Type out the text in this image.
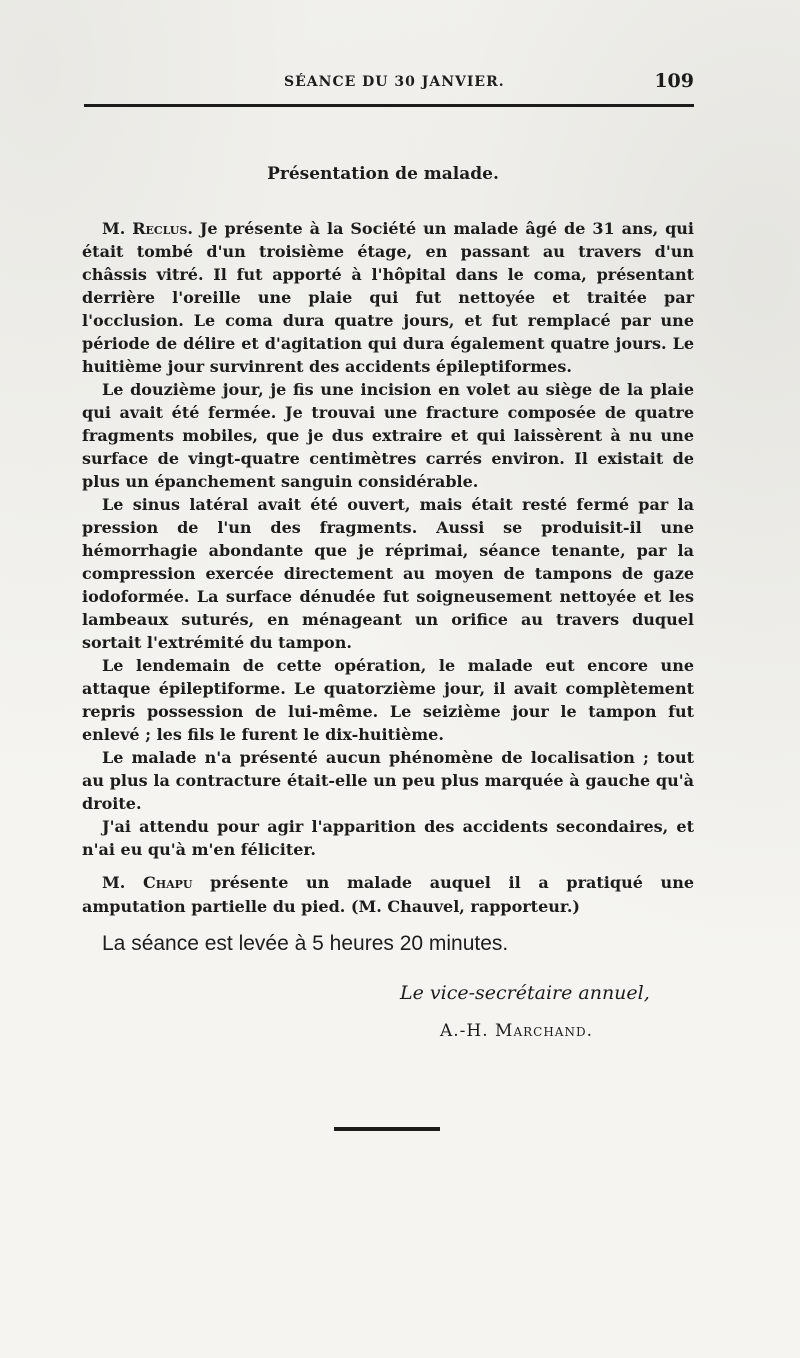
SÉANCE DU 30 JANVIER.	109
Présentation de malade.

M. Reclus. Je présente à la Société un malade âgé de 31 ans, qui était tombé d'un troisième étage, en passant au travers d'un châssis vitré. Il fut apporté à l'hôpital dans le coma, présentant derrière l'oreille une plaie qui fut nettoyée et traitée par l'occlusion. Le coma dura quatre jours, et fut remplacé par une période de délire et d'agitation qui dura également quatre jours. Le huitième jour survinrent des accidents épileptiformes.

Le douzième jour, je fis une incision en volet au siège de la plaie qui avait été fermée. Je trouvai une fracture composée de quatre fragments mobiles, que je dus extraire et qui laissèrent à nu une surface de vingt-quatre centimètres carrés environ. Il existait de plus un épanchement sanguin considérable.

Le sinus latéral avait été ouvert, mais était resté fermé par la pression de l'un des fragments. Aussi se produisit-il une hémorrhagie abondante que je réprimai, séance tenante, par la compression exercée directement au moyen de tampons de gaze iodoformée. La surface dénudée fut soigneusement nettoyée et les lambeaux suturés, en ménageant un orifice au travers duquel sortait l'extrémité du tampon.

Le lendemain de cette opération, le malade eut encore une attaque épileptiforme. Le quatorzième jour, il avait complètement repris possession de lui-même. Le seizième jour le tampon fut enlevé ; les fils le furent le dix-huitième.

Le malade n'a présenté aucun phénomène de localisation ; tout au plus la contracture était-elle un peu plus marquée à gauche qu'à droite.

J'ai attendu pour agir l'apparition des accidents secondaires, et n'ai eu qu'à m'en féliciter.

M. Chapu présente un malade auquel il a pratiqué une amputation partielle du pied. (M. Chauvel, rapporteur.)

La séance est levée à 5 heures 20 minutes.
Le vice-secrétaire annuel,
A.-H. Marchand.
